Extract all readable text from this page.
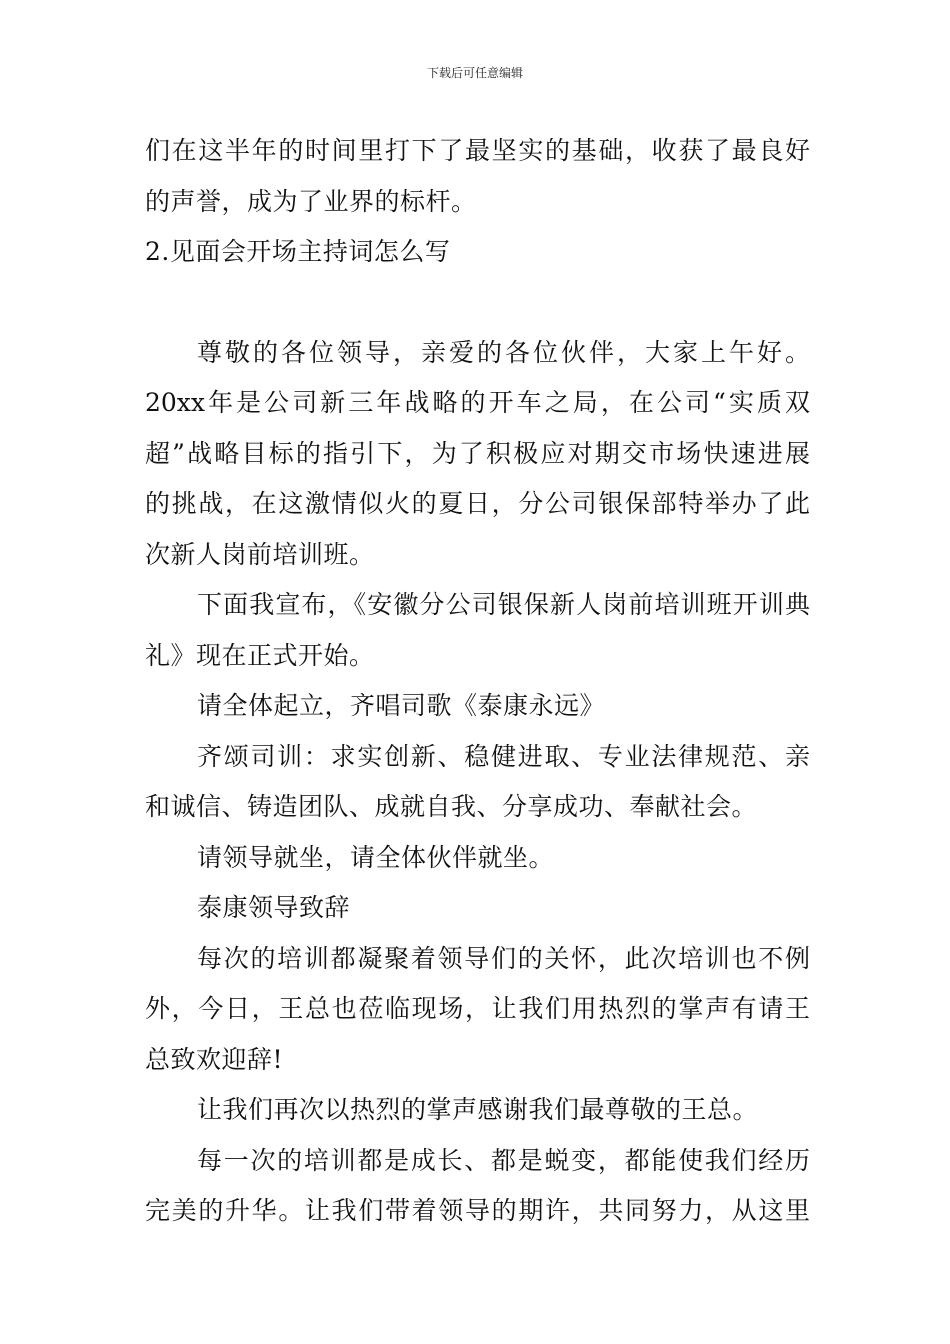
下载后可任意编辑
们在这半年的时间里打下了最坚实的基础，收获了最良好
的声誉，成为了业界的标杆。
2.见面会开场主持词怎么写
尊敬的各位领导，亲爱的各位伙伴，大家上午好。
20xx年是公司新三年战略的开车之局，在公司“实质双
超”战略目标的指引下，为了积极应对期交市场快速进展
的挑战，在这激情似火的夏日，分公司银保部特举办了此
次新人岗前培训班。
下面我宣布，《安徽分公司银保新人岗前培训班开训典
礼》现在正式开始。
请全体起立，齐唱司歌《泰康永远》
齐颂司训：求实创新、稳健进取、专业法律规范、亲
和诚信、铸造团队、成就自我、分享成功、奉献社会。
请领导就坐，请全体伙伴就坐。
泰康领导致辞
每次的培训都凝聚着领导们的关怀，此次培训也不例
外，今日，王总也莅临现场，让我们用热烈的掌声有请王
总致欢迎辞!
让我们再次以热烈的掌声感谢我们最尊敬的王总。
每一次的培训都是成长、都是蜕变，都能使我们经历
完美的升华。让我们带着领导的期许，共同努力，从这里
